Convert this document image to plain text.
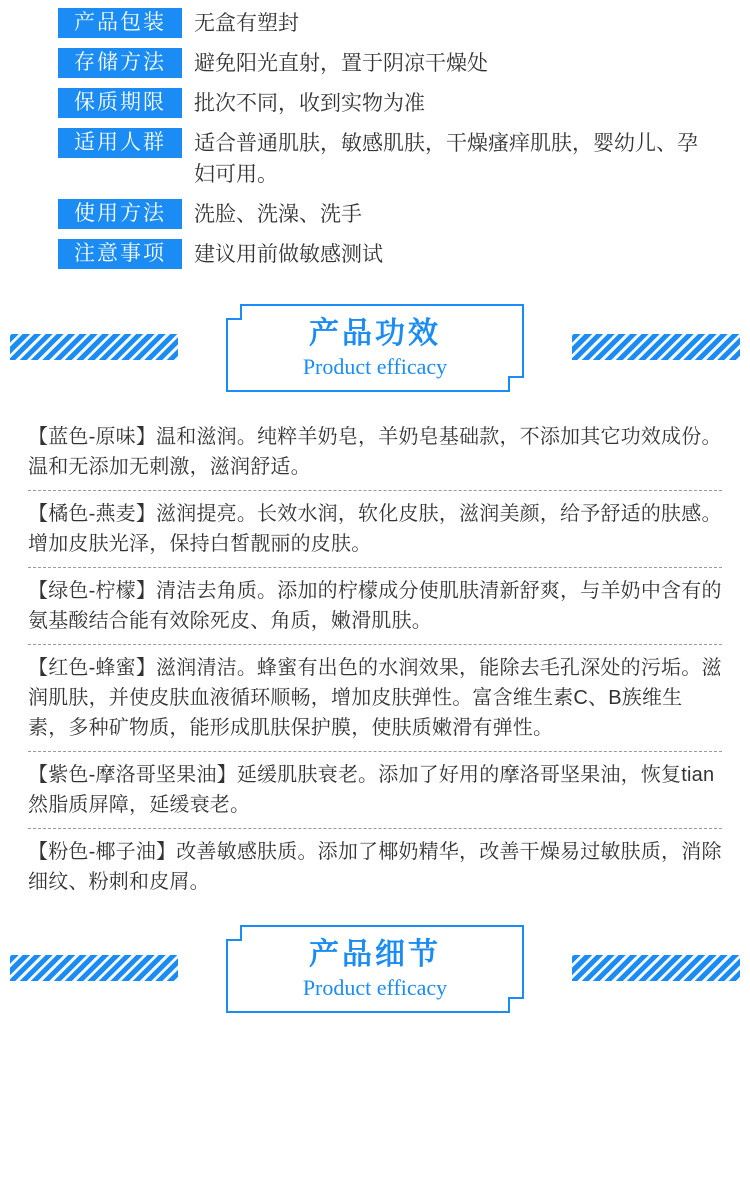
产品包装	无盒有塑封
存储方法	避免阳光直射，置于阴凉干燥处
保质期限	批次不同，收到实物为准
适用人群	适合普通肌肤，敏感肌肤，干燥瘙痒肌肤，婴幼儿、孕妇可用。
使用方法	洗脸、洗澡、洗手
注意事项	建议用前做敏感测试
产品功效
Product efficacy
【蓝色-原味】温和滋润。纯粹羊奶皂，羊奶皂基础款，不添加其它功效成份。温和无添加无刺激，滋润舒适。
【橘色-燕麦】滋润提亮。长效水润，软化皮肤，滋润美颜，给予舒适的肤感。增加皮肤光泽，保持白皙靓丽的皮肤。
【绿色-柠檬】清洁去角质。添加的柠檬成分使肌肤清新舒爽，与羊奶中含有的氨基酸结合能有效除死皮、角质，嫩滑肌肤。
【红色-蜂蜜】滋润清洁。蜂蜜有出色的水润效果，能除去毛孔深处的污垢。滋润肌肤，并使皮肤血液循环顺畅，增加皮肤弹性。富含维生素C、B族维生素，多种矿物质，能形成肌肤保护膜，使肤质嫩滑有弹性。
【紫色-摩洛哥坚果油】延缓肌肤衰老。添加了好用的摩洛哥坚果油，恢复tian然脂质屏障，延缓衰老。
【粉色-椰子油】改善敏感肤质。添加了椰奶精华，改善干燥易过敏肤质，消除细纹、粉刺和皮屑。
产品细节
Product efficacy
